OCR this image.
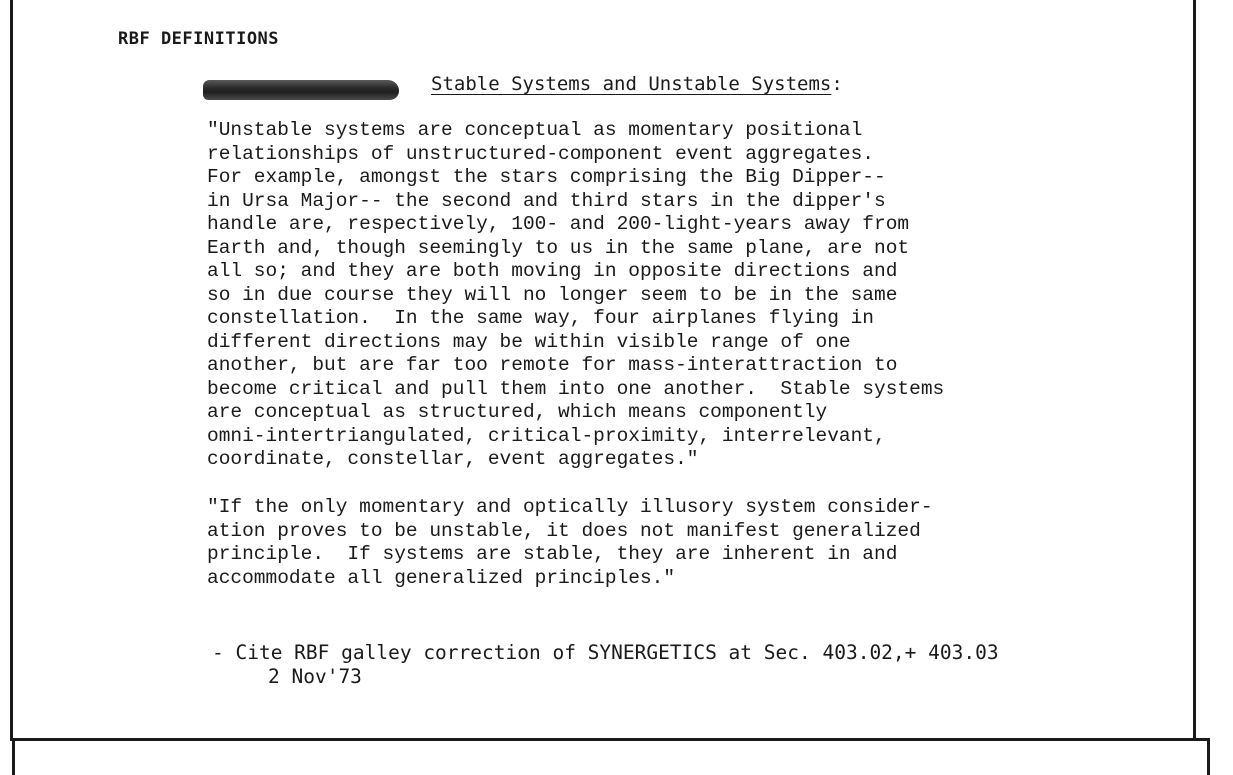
RBF DEFINITIONS
Stable Systems and Unstable Systems:
"Unstable systems are conceptual as momentary positional
relationships of unstructured-component event aggregates.
For example, amongst the stars comprising the Big Dipper--
in Ursa Major-- the second and third stars in the dipper's
handle are, respectively, 100- and 200-light-years away from
Earth and, though seemingly to us in the same plane, are not
all so; and they are both moving in opposite directions and
so in due course they will no longer seem to be in the same
constellation.  In the same way, four airplanes flying in
different directions may be within visible range of one
another, but are far too remote for mass-interattraction to
become critical and pull them into one another.  Stable systems
are conceptual as structured, which means componently
omni-intertriangulated, critical-proximity, interrelevant,
coordinate, constellar, event aggregates."
"If the only momentary and optically illusory system consider-
ation proves to be unstable, it does not manifest generalized
principle.  If systems are stable, they are inherent in and
accommodate all generalized principles."
- Cite RBF galley correction of SYNERGETICS at Sec. 403.02,+ 403.03
2 Nov'73
